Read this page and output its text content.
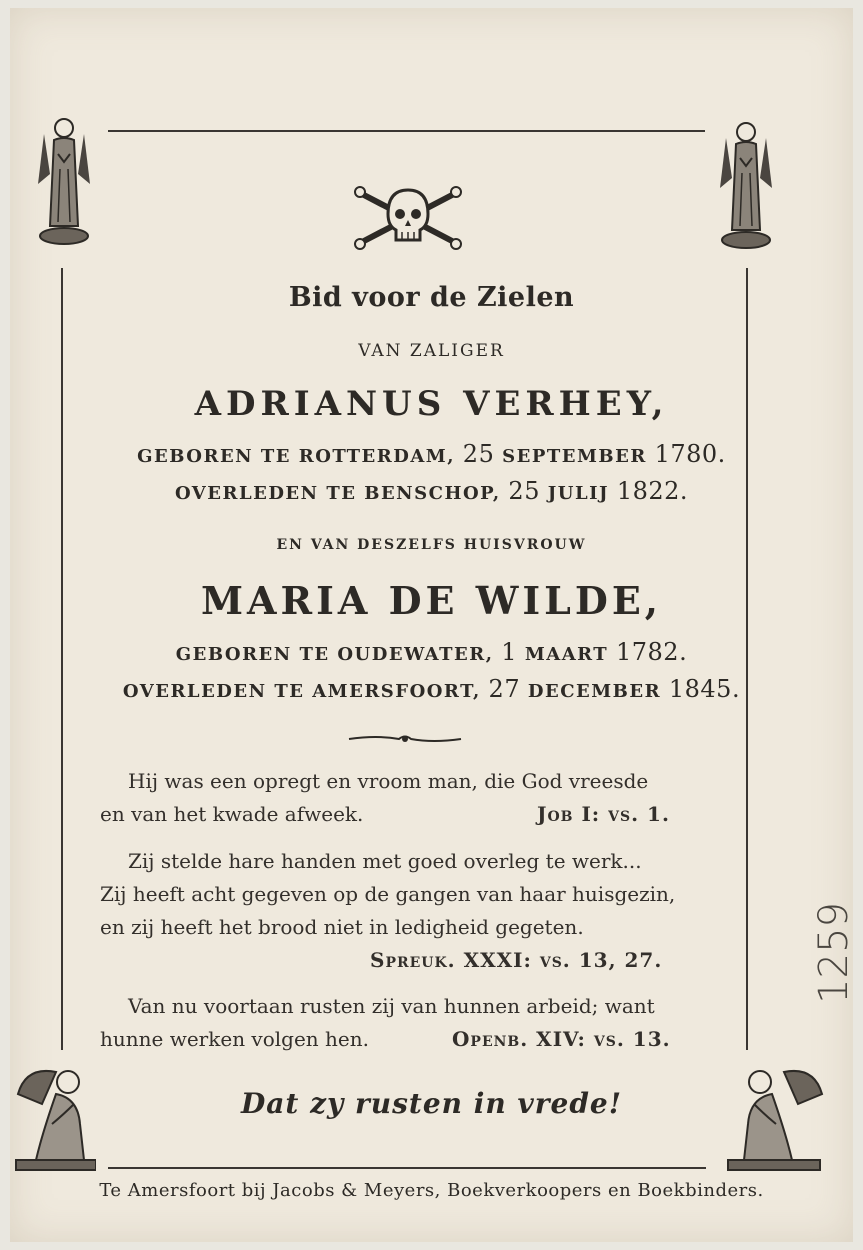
Bid voor de Zielen
VAN ZALIGER
ADRIANUS VERHEY,
GEBOREN TE ROTTERDAM, 25 SEPTEMBER 1780.
OVERLEDEN TE BENSCHOP, 25 JULIJ 1822.
EN VAN DESZELFS HUISVROUW
MARIA DE WILDE,
GEBOREN TE OUDEWATER, 1 MAART 1782.
OVERLEDEN TE AMERSFOORT, 27 DECEMBER 1845.
Hij was een opregt en vroom man, die God vreesde
en van het kwade afweek.	Job I: vs. 1.
Zij stelde hare handen met goed overleg te werk...
Zij heeft acht gegeven op de gangen van haar huisgezin,
en zij heeft het brood niet in ledigheid gegeten.
Spreuk. XXXI: vs. 13, 27.
Van nu voortaan rusten zij van hunnen arbeid; want
hunne werken volgen hen.	Openb. XIV: vs. 13.
Dat zy rusten in vrede!
Te Amersfoort bij Jacobs & Meyers, Boekverkoopers en Boekbinders.
1259
